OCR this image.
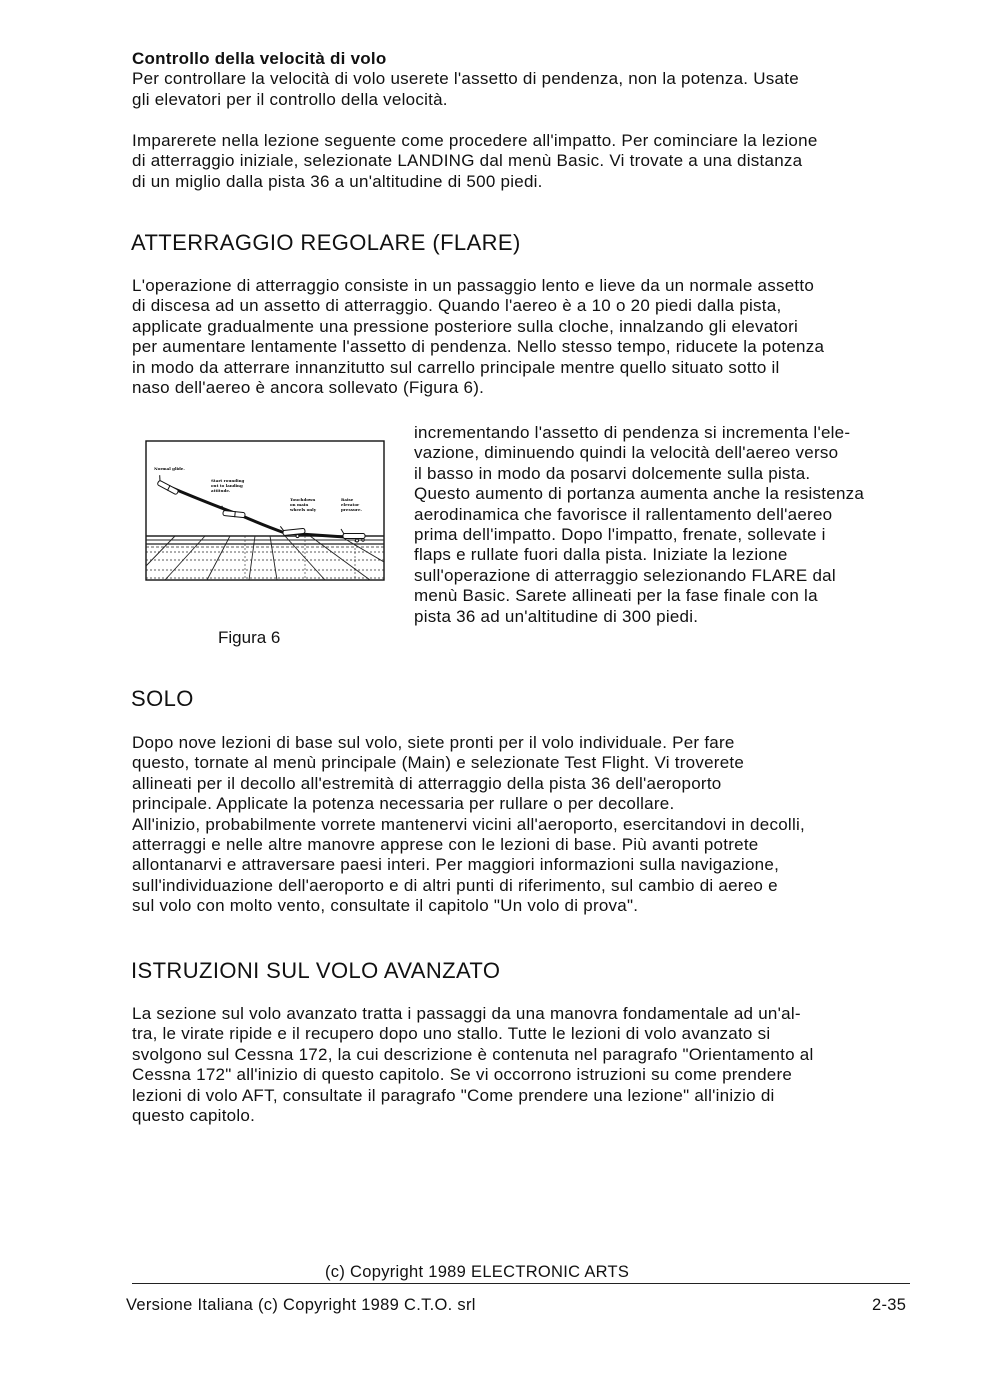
Controllo della velocità di volo
Per controllare la velocità di volo userete l'assetto di pendenza, non la potenza. Usate
gli elevatori per il controllo della velocità.
Imparerete nella lezione seguente come procedere all'impatto. Per cominciare la lezione
di atterraggio iniziale, selezionate LANDING dal menù Basic. Vi trovate a una distanza
di un miglio dalla pista 36 a un'altitudine di 500 piedi.
ATTERRAGGIO REGOLARE (FLARE)
L'operazione di atterraggio consiste in un passaggio lento e lieve da un normale assetto
di discesa ad un assetto di atterraggio. Quando l'aereo è a 10 o 20 piedi dalla pista,
applicate gradualmente una pressione posteriore sulla cloche, innalzando gli elevatori
per aumentare lentamente l'assetto di pendenza. Nello stesso tempo, riducete la potenza
in modo da atterrare innanzitutto sul carrello principale mentre quello situato sotto il
naso dell'aereo è ancora sollevato (Figura 6).
incrementando l'assetto di pendenza si incrementa l'ele-
vazione, diminuendo quindi la velocità dell'aereo verso
il basso in modo da posarvi dolcemente sulla pista.
Questo aumento di portanza aumenta anche la resistenza
aerodinamica che favorisce il rallentamento dell'aereo
prima dell'impatto. Dopo l'impatto, frenate, sollevate i
flaps e rullate fuori dalla pista. Iniziate la lezione
sull'operazione di atterraggio selezionando FLARE dal
menù Basic. Sarete allineati per la fase finale con la
pista 36 ad un'altitudine di 300 piedi.
Normal glide.
Start rounding out to landing attitude.
Touchdown on main wheels only
Raise elevator pressure.
Figura 6
SOLO
Dopo nove lezioni di base sul volo, siete pronti per il volo individuale. Per fare
questo, tornate al menù principale (Main) e selezionate Test Flight. Vi troverete
allineati per il decollo all'estremità di atterraggio della pista 36 dell'aeroporto
principale. Applicate la potenza necessaria per rullare o per decollare.
All'inizio, probabilmente vorrete mantenervi vicini all'aeroporto, esercitandovi in decolli,
atterraggi e nelle altre manovre apprese con le lezioni di base. Più avanti potrete
allontanarvi e attraversare paesi interi. Per maggiori informazioni sulla navigazione,
sull'individuazione dell'aeroporto e di altri punti di riferimento, sul cambio di aereo e
sul volo con molto vento, consultate il capitolo "Un volo di prova".
ISTRUZIONI SUL VOLO AVANZATO
La sezione sul volo avanzato tratta i passaggi da una manovra fondamentale ad un'al-
tra, le virate ripide e il recupero dopo uno stallo. Tutte le lezioni di volo avanzato si
svolgono sul Cessna 172, la cui descrizione è contenuta nel paragrafo "Orientamento al
Cessna 172" all'inizio di questo capitolo. Se vi occorrono istruzioni su come prendere
lezioni di volo AFT, consultate il paragrafo "Come prendere una lezione" all'inizio di
questo capitolo.
(c) Copyright 1989 ELECTRONIC ARTS
Versione Italiana (c) Copyright 1989 C.T.O. srl	2-35
